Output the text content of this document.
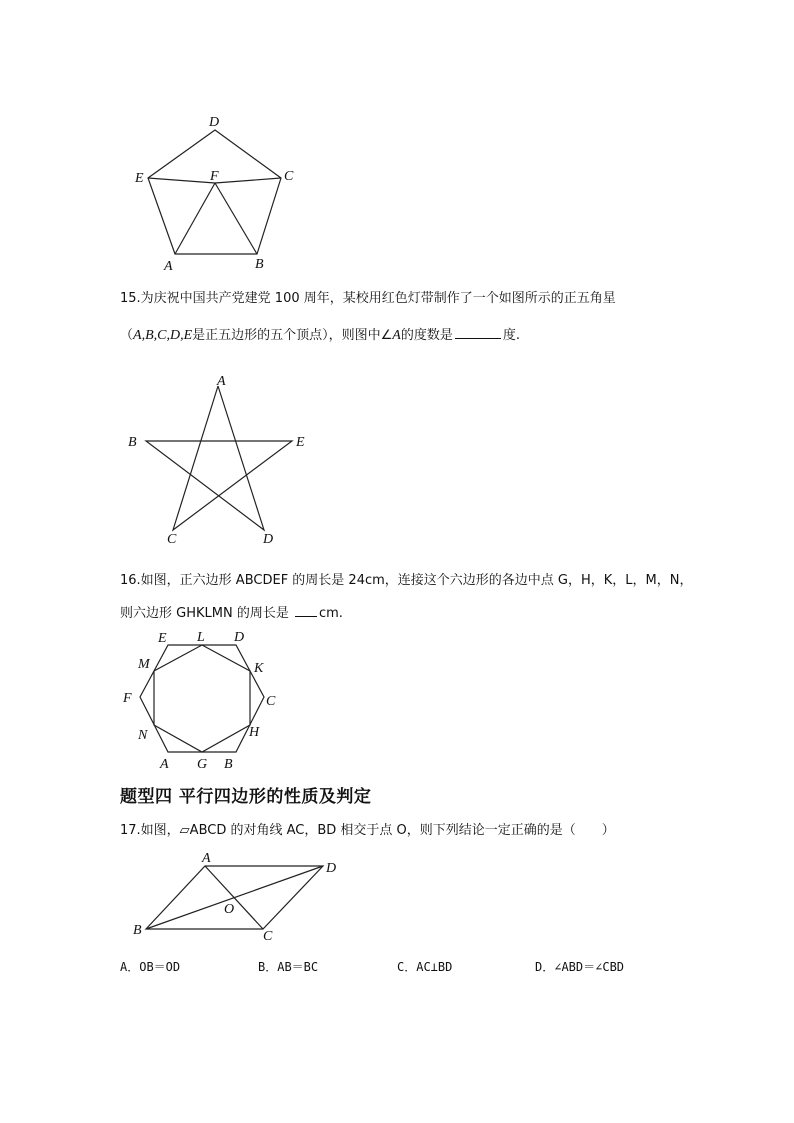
D
E	F	C
A	B
15.为庆祝中国共产党建党 100 周年，某校用红色灯带制作了一个如图所示的正五角星
（A,B,C,D,E是正五边形的五个顶点），则图中∠A的度数是	度.
A
B	E
C	D
16.如图，正六边形 ABCDEF 的周长是 24cm，连接这个六边形的各边中点 G，H，K，L，M，N，
则六边形 GHKLMN 的周长是 cm.
E L D
M	K
F	C
N	H
A G B
题型四 平行四边形的性质及判定
17.如图，▱ABCD 的对角线 AC，BD 相交于点 O，则下列结论一定正确的是（　　）
A
D
O
B	C
A．OB＝OD	B．AB＝BC	C．AC⊥BD	D．∠ABD＝∠CBD
